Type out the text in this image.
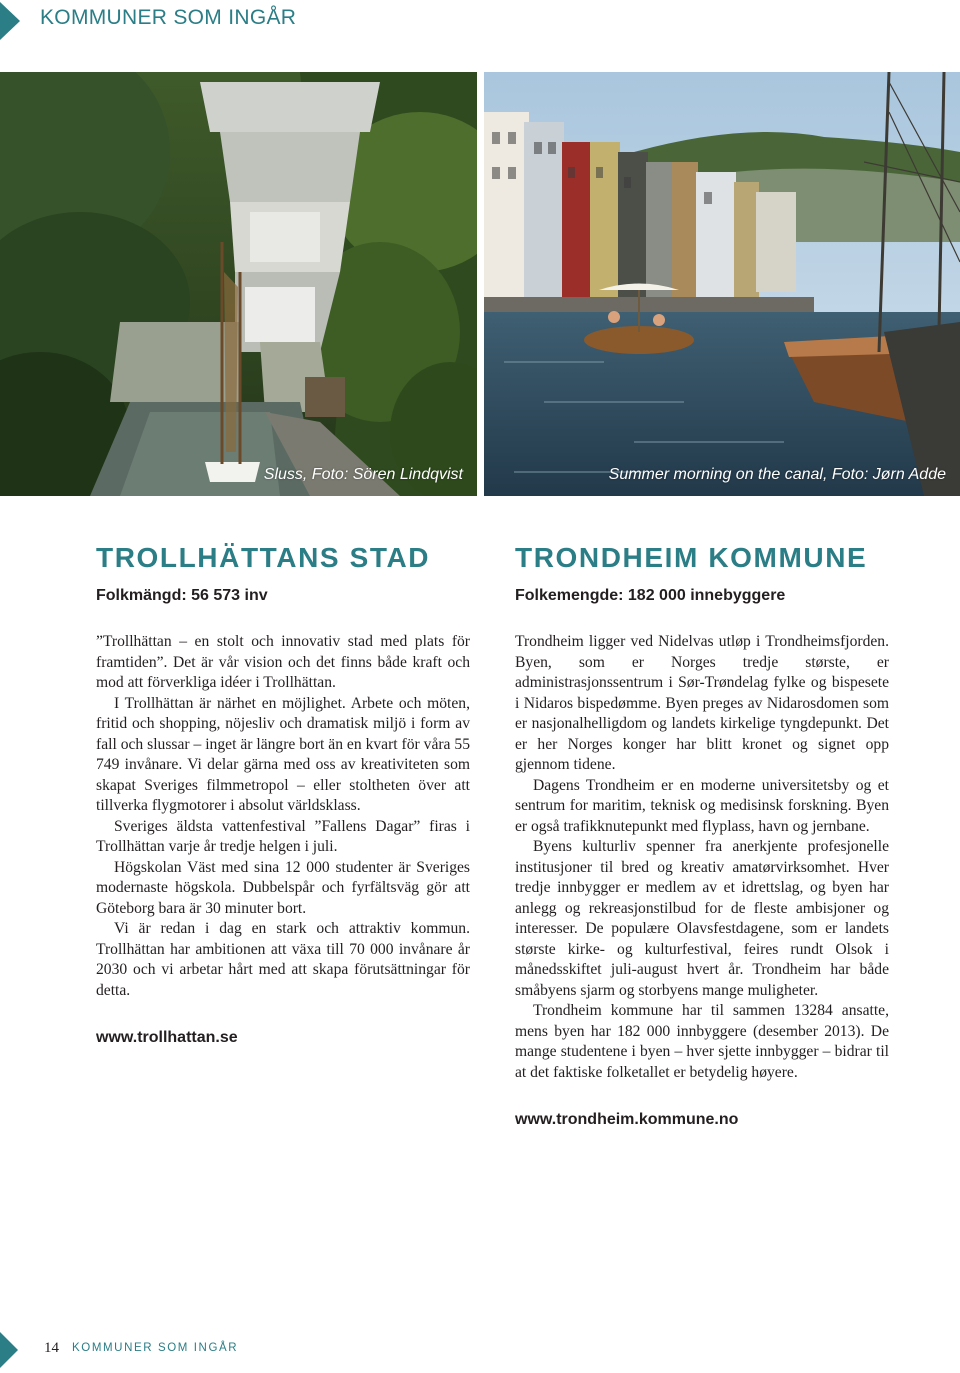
KOMMUNER SOM INGÅR
Sluss, Foto: Sören Lindqvist	Summer morning on the canal, Foto: Jørn Adde
TROLLHÄTTANS STAD
Folkmängd: 56 573 inv

”Trollhättan – en stolt och innovativ stad med plats för framtiden”. Det är vår vision och det finns både kraft och mod att förverkliga idéer i Trollhättan.

I Trollhättan är närhet en möjlighet. Arbete och möten, fritid och shopping, nöjesliv och dramatisk miljö i form av fall och slussar – inget är längre bort än en kvart för våra 55 749 invånare. Vi delar gärna med oss av kreativiteten som skapat Sveriges filmmetropol – eller stoltheten över att tillverka flygmotorer i absolut världsklass.

Sveriges äldsta vattenfestival ”Fallens Dagar” firas i Trollhättan varje år tredje helgen i juli.

Högskolan Väst med sina 12 000 studenter är Sveriges modernaste högskola. Dubbelspår och fyrfältsväg gör att Göteborg bara är 30 minuter bort.

Vi är redan i dag en stark och attraktiv kommun. Trollhättan har ambitionen att växa till 70 000 invånare år 2030 och vi arbetar hårt med att skapa förutsättningar för detta.

www.trollhattan.se
TRONDHEIM KOMMUNE
Folkemengde: 182 000 innebyggere

Trondheim ligger ved Nidelvas utløp i Trondheimsfjorden. Byen, som er Norges tredje største, er administrasjonssentrum i Sør-Trøndelag fylke og bispesete i Nidaros bispedømme. Byen preges av Nidarosdomen som er nasjonalhelligdom og landets kirkelige tyngdepunkt. Det er her Norges konger har blitt kronet og signet opp gjennom tidene.

Dagens Trondheim er en moderne universitetsby og et sentrum for maritim, teknisk og medisinsk forskning. Byen er også trafikknutepunkt med flyplass, havn og jernbane.

Byens kulturliv spenner fra anerkjente profesjonelle institusjoner til bred og kreativ amatørvirksomhet. Hver tredje innbygger er medlem av et idrettslag, og byen har anlegg og rekreasjonstilbud for de fleste ambisjoner og interesser. De populære Olavsfestdagene, som er landets største kirke- og kulturfestival, feires rundt Olsok i månedsskiftet juli-august hvert år. Trondheim har både småbyens sjarm og storbyens mange muligheter.

Trondheim kommune har til sammen 13284 ansatte, mens byen har 182 000 innbyggere (desember 2013). De mange studentene i byen – hver sjette innbygger – bidrar til at det faktiske folketallet er betydelig høyere.

www.trondheim.kommune.no
14 KOMMUNER SOM INGÅR
